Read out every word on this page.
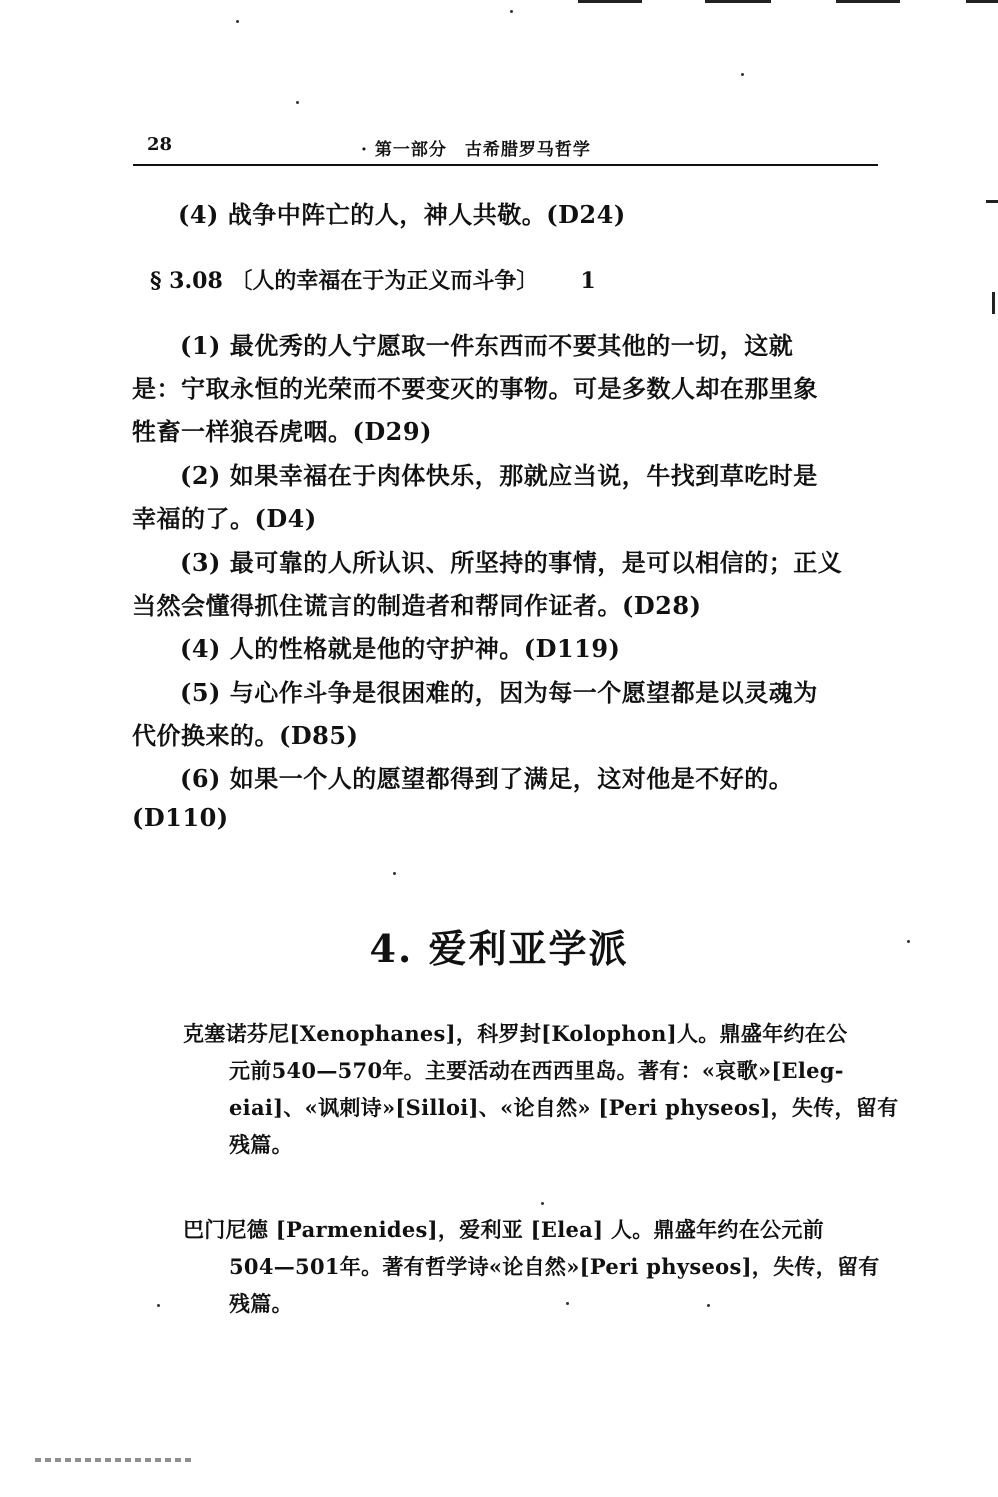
28	· 第一部分　古希腊罗马哲学
(4) 战争中阵亡的人，神人共敬。(D24)
§ 3.08 〔人的幸福在于为正义而斗争〕 1
(1) 最优秀的人宁愿取一件东西而不要其他的一切，这就
是：宁取永恒的光荣而不要变灭的事物。可是多数人却在那里象
牲畜一样狼吞虎咽。(D29)
(2) 如果幸福在于肉体快乐，那就应当说，牛找到草吃时是
幸福的了。(D4)
(3) 最可靠的人所认识、所坚持的事情，是可以相信的；正义
当然会懂得抓住谎言的制造者和帮同作证者。(D28)
(4) 人的性格就是他的守护神。(D119)
(5) 与心作斗争是很困难的，因为每一个愿望都是以灵魂为
代价换来的。(D85)
(6) 如果一个人的愿望都得到了满足，这对他是不好的。
(D110)
4. 爱利亚学派
克塞诺芬尼[Xenophanes]，科罗封[Kolophon]人。鼎盛年约在公
元前540—570年。主要活动在西西里岛。著有：«哀歌»[Eleg-
eiai]、«讽刺诗»[Silloi]、«论自然» [Peri physeos]，失传，留有
残篇。
巴门尼德 [Parmenides]，爱利亚 [Elea] 人。鼎盛年约在公元前
504—501年。著有哲学诗«论自然»[Peri physeos]，失传，留有
残篇。
